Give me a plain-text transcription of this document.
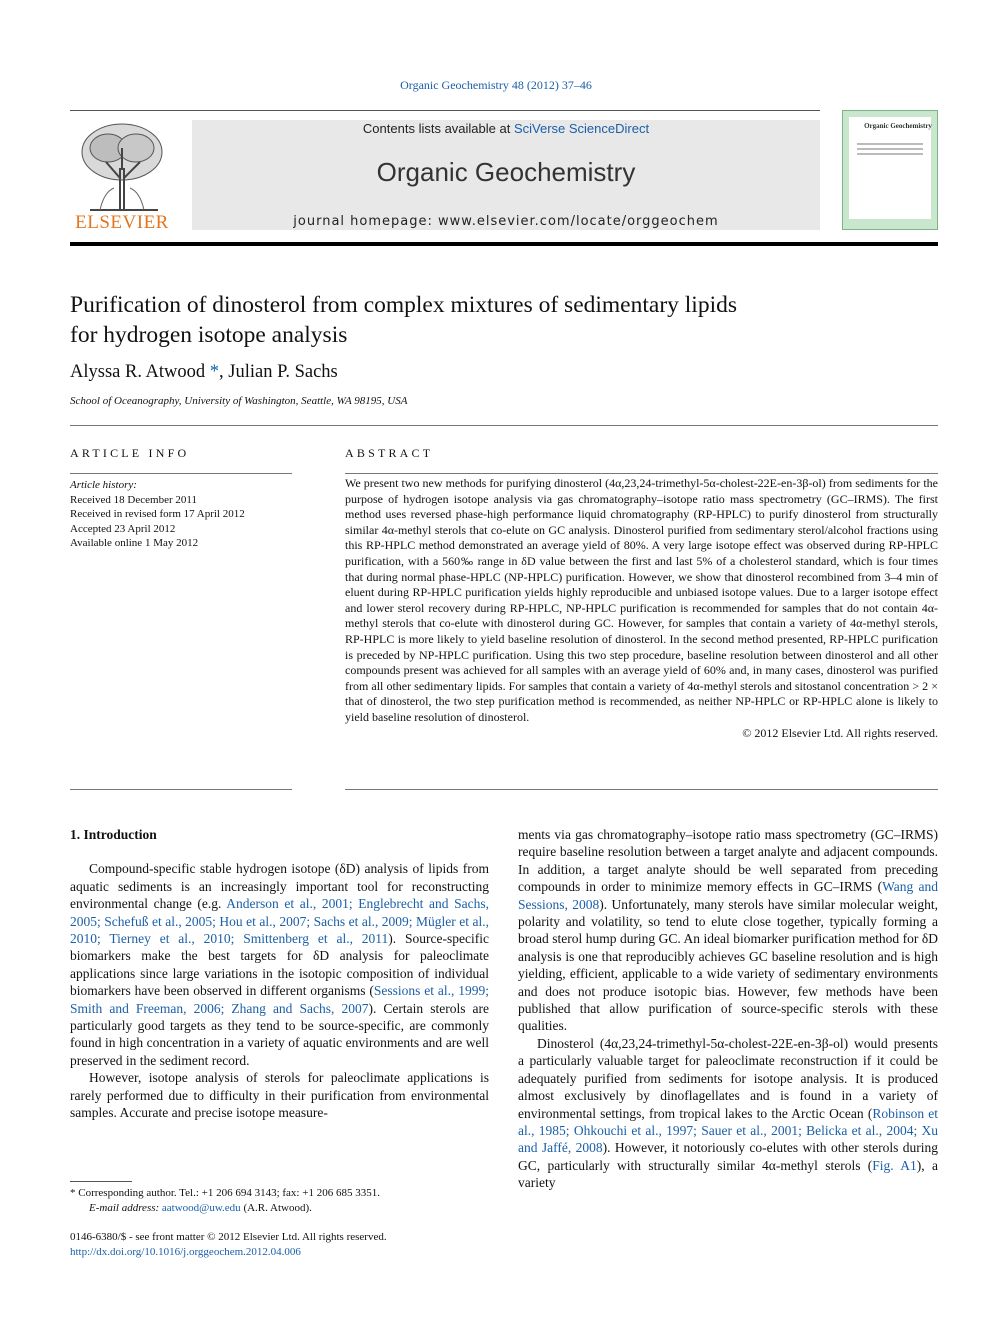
Organic Geochemistry 48 (2012) 37–46
ELSEVIER
Contents lists available at SciVerse ScienceDirect
Organic Geochemistry
journal homepage: www.elsevier.com/locate/orggeochem
Organic Geochemistry
Purification of dinosterol from complex mixtures of sedimentary lipids
for hydrogen isotope analysis
Alyssa R. Atwood *, Julian P. Sachs
School of Oceanography, University of Washington, Seattle, WA 98195, USA
ARTICLE INFO
Article history:
Received 18 December 2011
Received in revised form 17 April 2012
Accepted 23 April 2012
Available online 1 May 2012
ABSTRACT
We present two new methods for purifying dinosterol (4α,23,24-trimethyl-5α-cholest-22E-en-3β-ol) from sediments for the purpose of hydrogen isotope analysis via gas chromatography–isotope ratio mass spectrometry (GC–IRMS). The first method uses reversed phase-high performance liquid chromatography (RP-HPLC) to purify dinosterol from structurally similar 4α-methyl sterols that co-elute on GC analysis. Dinosterol purified from sedimentary sterol/alcohol fractions using this RP-HPLC method demonstrated an average yield of 80%. A very large isotope effect was observed during RP-HPLC purification, with a 560‰ range in δD value between the first and last 5% of a cholesterol standard, which is four times that during normal phase-HPLC (NP-HPLC) purification. However, we show that dinosterol recombined from 3–4 min of eluent during RP-HPLC purification yields highly reproducible and unbiased isotope values. Due to a larger isotope effect and lower sterol recovery during RP-HPLC, NP-HPLC purification is recommended for samples that do not contain 4α-methyl sterols that co-elute with dinosterol during GC. However, for samples that contain a variety of 4α-methyl sterols, RP-HPLC is more likely to yield baseline resolution of dinosterol. In the second method presented, RP-HPLC purification is preceded by NP-HPLC purification. Using this two step procedure, baseline resolution between dinosterol and all other compounds present was achieved for all samples with an average yield of 60% and, in many cases, dinosterol was purified from all other sedimentary lipids. For samples that contain a variety of 4α-methyl sterols and sitostanol concentration > 2 × that of dinosterol, the two step purification method is recommended, as neither NP-HPLC or RP-HPLC alone is likely to yield baseline resolution of dinosterol.
© 2012 Elsevier Ltd. All rights reserved.
1. Introduction

Compound-specific stable hydrogen isotope (δD) analysis of lipids from aquatic sediments is an increasingly important tool for reconstructing environmental change (e.g. Anderson et al., 2001; Englebrecht and Sachs, 2005; Schefuß et al., 2005; Hou et al., 2007; Sachs et al., 2009; Mügler et al., 2010; Tierney et al., 2010; Smittenberg et al., 2011). Source-specific biomarkers make the best targets for δD analysis for paleoclimate applications since large variations in the isotopic composition of individual biomarkers have been observed in different organisms (Sessions et al., 1999; Smith and Freeman, 2006; Zhang and Sachs, 2007). Certain sterols are particularly good targets as they tend to be source-specific, are commonly found in high concentration in a variety of aquatic environments and are well preserved in the sediment record.

However, isotope analysis of sterols for paleoclimate applications is rarely performed due to difficulty in their purification from environmental samples. Accurate and precise isotope measure-

ments via gas chromatography–isotope ratio mass spectrometry (GC–IRMS) require baseline resolution between a target analyte and adjacent compounds. In addition, a target analyte should be well separated from preceding compounds in order to minimize memory effects in GC–IRMS (Wang and Sessions, 2008). Unfortunately, many sterols have similar molecular weight, polarity and volatility, so tend to elute close together, typically forming a broad sterol hump during GC. An ideal biomarker purification method for δD analysis is one that reproducibly achieves GC baseline resolution and is high yielding, efficient, applicable to a wide variety of sedimentary environments and does not produce isotopic bias. However, few methods have been published that allow purification of source-specific sterols with these qualities.

Dinosterol (4α,23,24-trimethyl-5α-cholest-22E-en-3β-ol) would presents a particularly valuable target for paleoclimate reconstruction if it could be adequately purified from sediments for isotope analysis. It is produced almost exclusively by dinoflagellates and is found in a variety of environmental settings, from tropical lakes to the Arctic Ocean (Robinson et al., 1985; Ohkouchi et al., 1997; Sauer et al., 2001; Belicka et al., 2004; Xu and Jaffé, 2008). However, it notoriously co-elutes with other sterols during GC, particularly with structurally similar 4α-methyl sterols (Fig. A1), a variety

* Corresponding author. Tel.: +1 206 694 3143; fax: +1 206 685 3351.
E-mail address: aatwood@uw.edu (A.R. Atwood).
0146-6380/$ - see front matter © 2012 Elsevier Ltd. All rights reserved.
http://dx.doi.org/10.1016/j.orggeochem.2012.04.006
